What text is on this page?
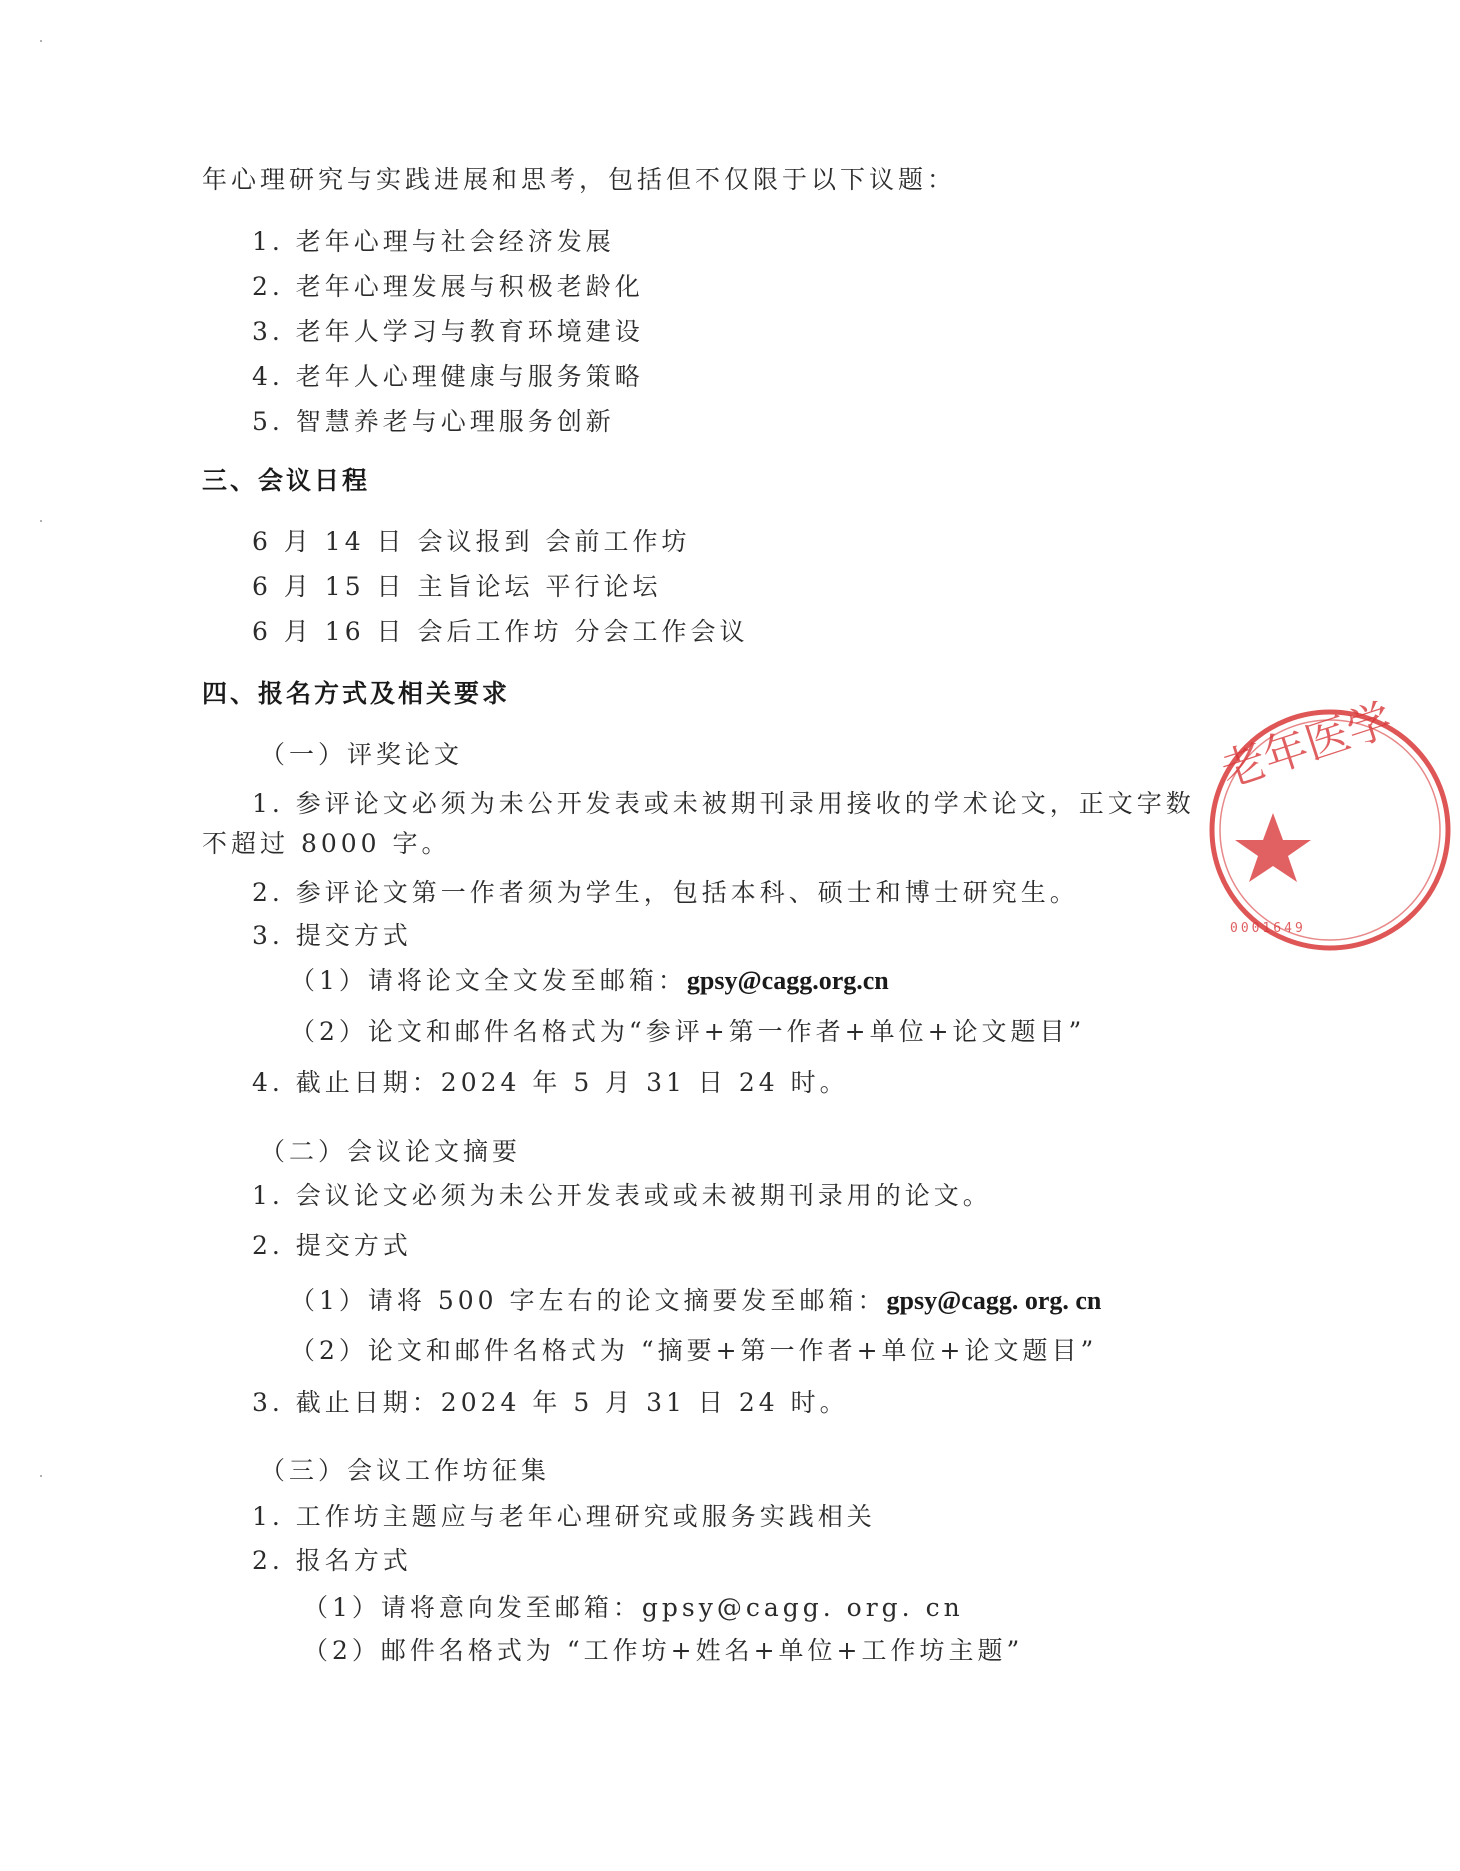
年心理研究与实践进展和思考，包括但不仅限于以下议题：
1. 老年心理与社会经济发展
2. 老年心理发展与积极老龄化
3. 老年人学习与教育环境建设
4. 老年人心理健康与服务策略
5. 智慧养老与心理服务创新
三、会议日程
6 月 14 日 会议报到 会前工作坊
6 月 15 日 主旨论坛 平行论坛
6 月 16 日 会后工作坊 分会工作会议
四、报名方式及相关要求
（一）评奖论文
1. 参评论文必须为未公开发表或未被期刊录用接收的学术论文，正文字数
不超过 8000 字。
2. 参评论文第一作者须为学生，包括本科、硕士和博士研究生。
3. 提交方式
（1）请将论文全文发至邮箱：gpsy@cagg.org.cn
（2）论文和邮件名格式为“参评+第一作者+单位+论文题目”
4. 截止日期：2024 年 5 月 31 日 24 时。
（二）会议论文摘要
1. 会议论文必须为未公开发表或或未被期刊录用的论文。
2. 提交方式
（1）请将 500 字左右的论文摘要发至邮箱：gpsy@cagg. org. cn
（2）论文和邮件名格式为 “摘要+第一作者+单位+论文题目”
3. 截止日期：2024 年 5 月 31 日 24 时。
（三）会议工作坊征集
1. 工作坊主题应与老年心理研究或服务实践相关
2. 报名方式
（1）请将意向发至邮箱：gpsy@cagg. org. cn
（2）邮件名格式为 “工作坊+姓名+单位+工作坊主题”
老年医学
0001649
